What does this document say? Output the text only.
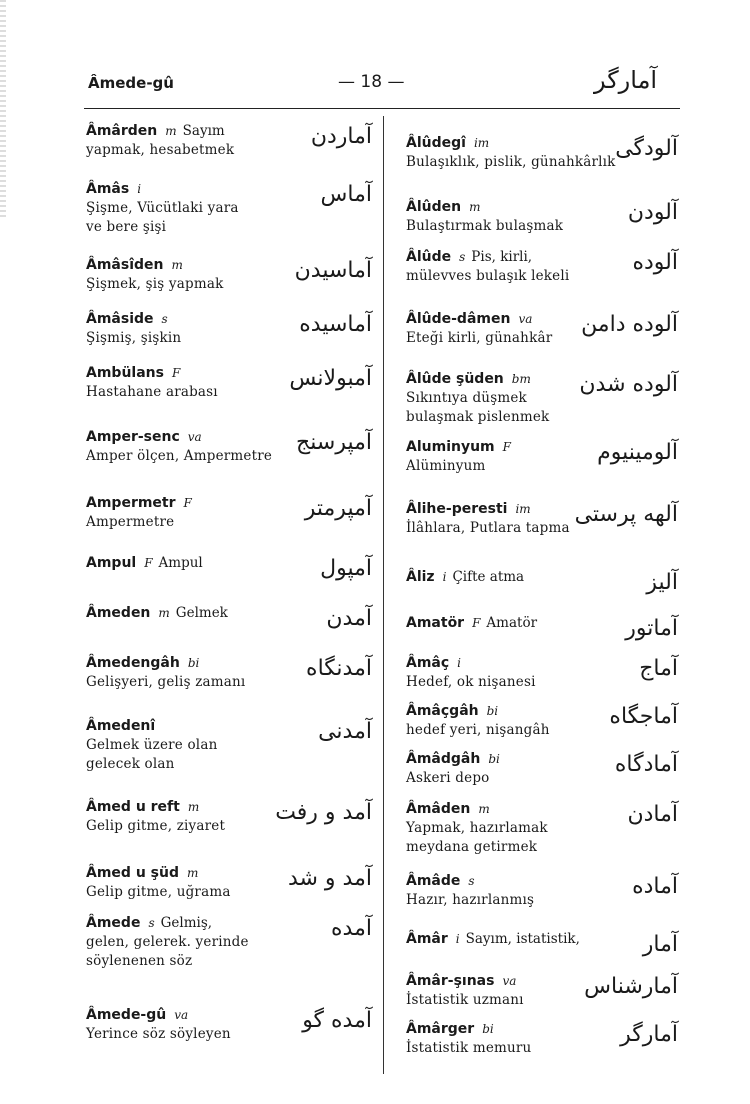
Âmede-gû	— 18 —	آمارگر
Âmârden m Sayım
yapmak, hesabetmek
آماردن
Âmâs i
Şişme, Vücütlaki yara
ve bere şişi
آماس
Âmâsîden m
Şişmek, şiş yapmak
آماسيدن
Âmâside s
Şişmiş, şişkin
آماسيده
Ambülans F
Hastahane arabası
آمبولانس
Amper-senc va
Amper ölçen, Ampermetre
آمپرسنج
Ampermetr F
Ampermetre
آمپرمتر
Ampul F Ampul	آمپول
Âmeden m Gelmek	آمدن
Âmedengâh bi
Gelişyeri, geliş zamanı
آمدنگاه
Âmedenî
Gelmek üzere olan
gelecek olan
آمدنى
Âmed u reft m
Gelip gitme, ziyaret
آمد و رفت
Âmed u şüd m
Gelip gitme, uğrama
آمد و شد
Âmede s Gelmiş,
gelen, gelerek. yerinde
söylenenen söz
آمده
Âmede-gû va
Yerince söz söyleyen
آمده گو
Âlûdegî im
Bulaşıklık, pislik, günahkârlık
آلودگى
Âlûden m
Bulaştırmak bulaşmak
آلودن
Âlûde s Pis, kirli,
mülevves bulaşık lekeli
آلوده
Âlûde-dâmen va
Eteği kirli, günahkâr
آلوده دامن
Âlûde şüden bm
Sıkıntıya düşmek
bulaşmak pislenmek
آلوده شدن
Aluminyum F
Alüminyum
آلومينيوم
Âlihe-peresti im
İlâhlara, Putlara tapma
آلهه پرستى
Âliz i Çifte atma	آليز
Amatör F Amatör	آماتور
Âmâç i
Hedef, ok nişanesi
آماج
Âmâçgâh bi
hedef yeri, nişangâh
آماجگاه
Âmâdgâh bi
Askeri depo
آمادگاه
Âmâden m
Yapmak, hazırlamak
meydana getirmek
آمادن
Âmâde s
Hazır, hazırlanmış
آماده
Âmâr i Sayım, istatistik,	آمار
Âmâr-şınas va
İstatistik uzmanı
آمارشناس
Âmârger bi
İstatistik memuru
آمارگر
